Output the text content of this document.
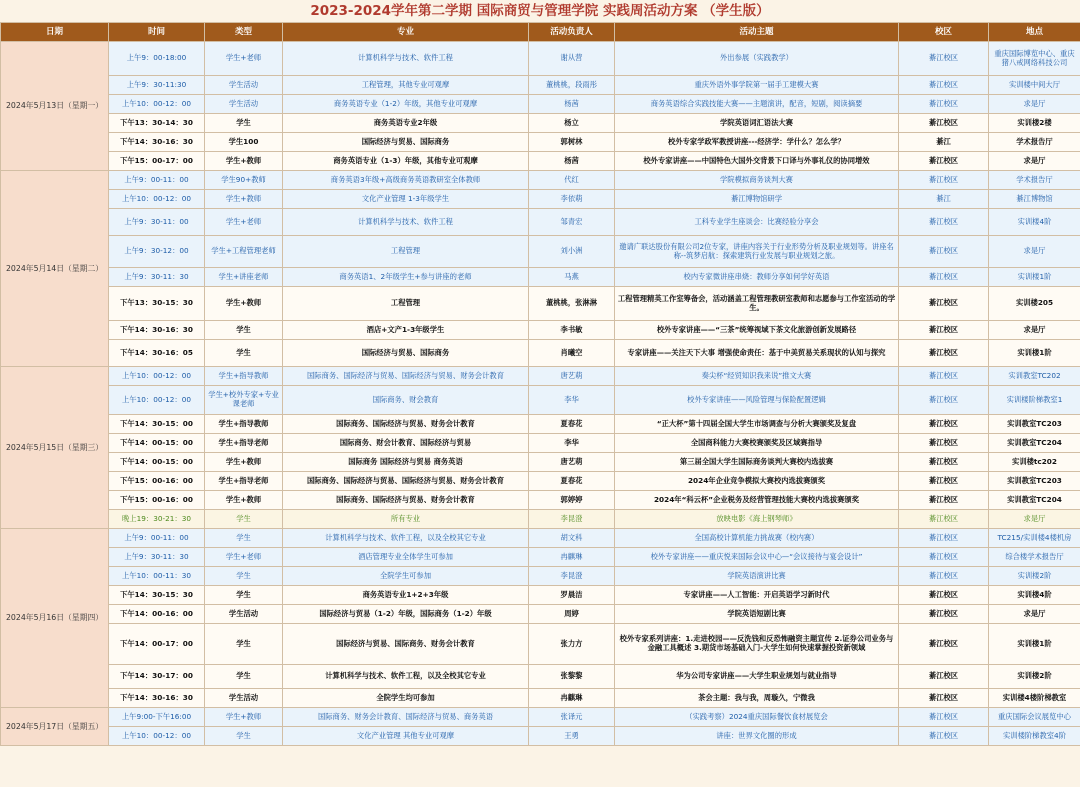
2023-2024学年第二学期 国际商贸与管理学院 实践周活动方案 （学生版）
日期	时间	类型	专业	活动负责人	活动主题	校区	地点
2024年5月13日（星期一）	上午9：00-18:00	学生+老师	计算机科学与技术、软件工程	谢从营	外出参展（实践教学）	綦江校区	重庆国际博览中心、重庆猪八戒网络科技公司
	上午9：30-11:30	学生活动	工程管理，其他专业可观摩	董桃桃，段雨彤	重庆外语外事学院第一届手工建模大赛	綦江校区	实训楼中间大厅
	上午10：00-12：00	学生活动	商务英语专业（1-2）年级，其他专业可观摩	杨茜	商务英语综合实践技能大赛——主题演讲，配音，短剧，阅读摘要	綦江校区	求是厅
	下午13：30-14：30	学生	商务英语专业2年级	杨立	学院英语词汇语法大赛	綦江校区	实训楼2楼
	下午14：30-16：30	学生100	国际经济与贸易、国际商务	郭树林	校外专家学政军教授讲座---经济学：学什么？怎么学？	綦江	学术报告厅
	下午15：00-17：00	学生+教师	商务英语专业（1-3）年级，其他专业可观摩	杨茜	校外专家讲座——中国特色大国外交背景下口译与外事礼仪的协同增效	綦江校区	求是厅
2024年5月14日（星期二）	上午9：00-11：00	学生90+教师	商务英语3年级+高级商务英语教研室全体教师	代红	学院模拟商务谈判大赛	綦江校区	学术报告厅
	上午10：00-12：00	学生+教师	文化产业管理 1-3年级学生	李依萌	綦江博物馆研学	綦江	綦江博物馆
	上午9：30-11：00	学生+老师	计算机科学与技术、软件工程	邹青宏	工科专业学生座谈会：比赛经验分享会	綦江校区	实训楼4阶
	上午9：30-12：00	学生+工程管理老师	工程管理	刘小洲	邀请广联达股份有限公司2位专家，讲座内容关于行业形势分析及职业规划等。讲座名称--筑梦启航：探索建筑行业发展与职业规划之旅。	綦江校区	求是厅
	上午9：30-11：30	学生+讲座老师	商务英语1、2年级学生+参与讲座的老师	马燕	校内专家微讲座串烧：教师分享如何学好英语	綦江校区	实训楼1阶
	下午13：30-15：30	学生+教师	工程管理	董桃桃，张淋淋	工程管理精英工作室筹备会，活动涵盖工程管理教研室教师和志愿参与工作室活动的学生。	綦江校区	实训楼205
	下午14：30-16：30	学生	酒店+文产1-3年级学生	李书敏	校外专家讲座——“三茶”统筹视域下茶文化旅游创新发展路径	綦江校区	求是厅
	下午14：30-16：05	学生	国际经济与贸易、国际商务	肖曦空	专家讲座——关注天下大事 增强使命责任：基于中美贸易关系现状的认知与探究	綦江校区	实训楼1阶
2024年5月15日（星期三）	上午10：00-12：00	学生+指导教师	国际商务、国际经济与贸易、国际经济与贸易、财务会计教育	唐艺萌	奏尖杯“经贸知识我来说”推文大赛	綦江校区	实训教室TC202
	上午10：00-12：00	学生+校外专家+专业课老师	国际商务、财会教育	李华	校外专家讲座——风险管理与保险配置逻辑	綦江校区	实训楼阶梯教室1
	下午14：30-15：00	学生+指导教师	国际商务、国际经济与贸易、财务会计教育	夏春花	“正大杯”第十四届全国大学生市场调查与分析大赛颁奖及复盘	綦江校区	实训教室TC203
	下午14：00-15：00	学生+指导老师	国际商务、财会计教育、国际经济与贸易	李华	全国商科能力大赛校赛颁奖及区域赛指导	綦江校区	实训教室TC204
	下午14：00-15：00	学生+教师	国际商务 国际经济与贸易 商务英语	唐艺萌	第三届全国大学生国际商务谈判大赛校内选拔赛	綦江校区	实训楼tc202
	下午15：00-16：00	学生+指导老师	国际商务、国际经济与贸易、国际经济与贸易、财务会计教育	夏春花	2024年企业竞争模拟大赛校内选拔赛颁奖	綦江校区	实训教室TC203
	下午15：00-16：00	学生+教师	国际商务、国际经济与贸易、财务会计教育	郭婷婷	2024年“科云杯”企业税务及经营管理技能大赛校内选拔赛颁奖	綦江校区	实训教室TC204
	晚上19：30-21：30	学生	所有专业	李昆澄	放映电影《海上钢琴师》	綦江校区	求是厅
2024年5月16日（星期四）	上午9：00-11：00	学生	计算机科学与技术、软件工程，以及全校其它专业	胡文科	全国高校计算机能力挑战赛（校内赛）	綦江校区	TC215/实训楼4楼机房
	上午9：30-11：30	学生+老师	酒店管理专业全体学生可参加	冉麒琳	校外专家讲座——重庆悦来国际会议中心—“会议接待与宴会设计”	綦江校区	综合楼学术报告厅
	上午10：00-11：30	学生	全院学生可参加	李昆澄	学院英语演讲比赛	綦江校区	实训楼2阶
	下午14：30-15：30	学生	商务英语专业1+2+3年级	罗晨洁	专家讲座——人工智能：开启英语学习新时代	綦江校区	实训楼4阶
	下午14：00-16：00	学生活动	国际经济与贸易（1-2）年级，国际商务（1-2）年级	周婷	学院英语短剧比赛	綦江校区	求是厅
	下午14：00-17：00	学生	国际经济与贸易、国际商务、财务会计教育	张力方	校外专家系列讲座：1.走进校园——反洗钱和反恐怖融资主题宣传 2.证券公司业务与金融工具概述 3.期货市场基础入门-大学生如何快速掌握投资新领域	綦江校区	实训楼1阶
	下午14：30-17：00	学生	计算机科学与技术、软件工程，以及全校其它专业	张黎黎	华为公司专家讲座——大学生职业规划与就业指导	綦江校区	实训楼2阶
	下午14：30-16：30	学生活动	全院学生均可参加	冉麒琳	茶会主题：我与我，周璇久，宁微我	綦江校区	实训楼4楼阶梯教室
2024年5月17日（星期五）	上午9:00-下午16:00	学生+教师	国际商务、财务会计教育、国际经济与贸易、商务英语	张译元	（实践考察）2024重庆国际餐饮食材展览会	綦江校区	重庆国际会议展览中心
	上午10：00-12：00	学生	文化产业管理 其他专业可观摩	王勇	讲座：世界文化圈的形成	綦江校区	实训楼阶梯教室4阶
